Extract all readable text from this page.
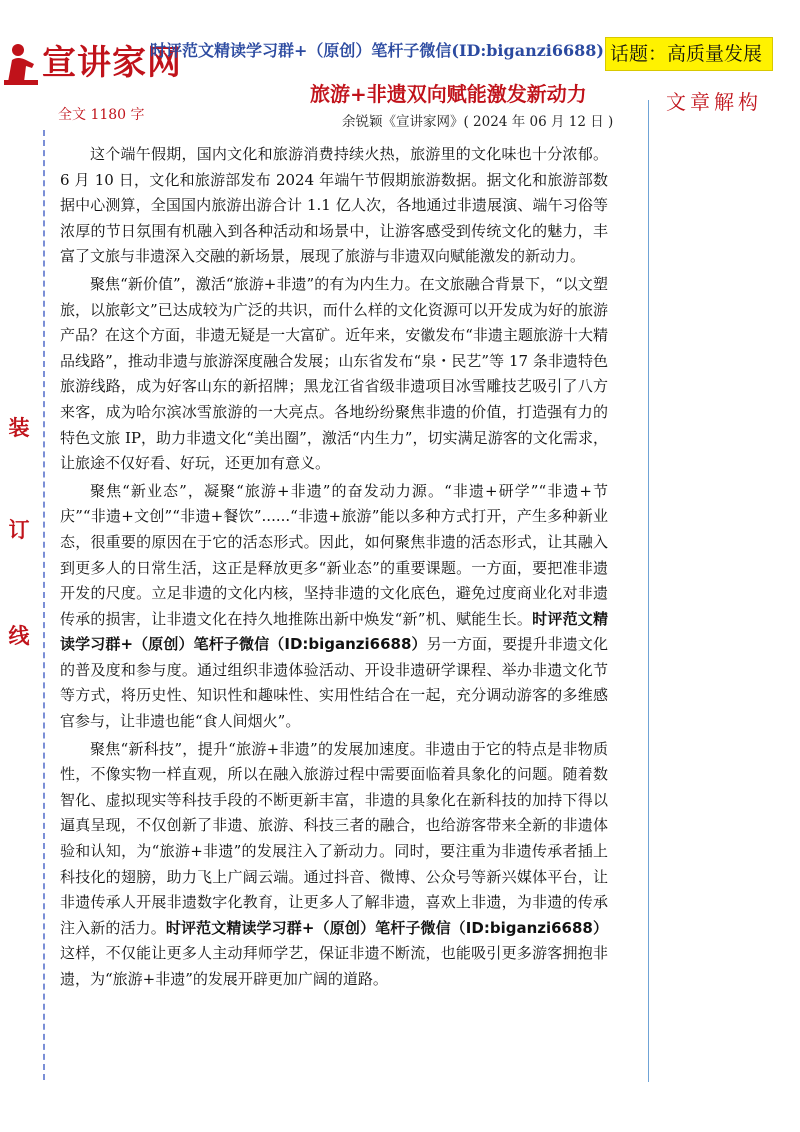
宣讲家网
时评范文精读学习群+（原创）笔杆子微信(ID:biganzi6688) 话题：高质量发展
旅游+非遗双向赋能激发新动力
余锐颖《宣讲家网》( 2024 年 06 月 12 日 )
全文 1180 字
文章解构
装
订
线

这个端午假期，国内文化和旅游消费持续火热，旅游里的文化味也十分浓郁。6 月 10 日，文化和旅游部发布 2024 年端午节假期旅游数据。据文化和旅游部数据中心测算，全国国内旅游出游合计 1.1 亿人次，各地通过非遗展演、端午习俗等浓厚的节日氛围有机融入到各种活动和场景中，让游客感受到传统文化的魅力，丰富了文旅与非遗深入交融的新场景，展现了旅游与非遗双向赋能激发的新动力。

聚焦“新价值”，激活“旅游+非遗”的有为内生力。在文旅融合背景下，“以文塑旅，以旅彰文”已达成较为广泛的共识，而什么样的文化资源可以开发成为好的旅游产品？在这个方面，非遗无疑是一大富矿。近年来，安徽发布“非遗主题旅游十大精品线路”，推动非遗与旅游深度融合发展；山东省发布“泉・民艺”等 17 条非遗特色旅游线路，成为好客山东的新招牌；黑龙江省省级非遗项目冰雪雕技艺吸引了八方来客，成为哈尔滨冰雪旅游的一大亮点。各地纷纷聚焦非遗的价值，打造强有力的特色文旅 IP，助力非遗文化“美出圈”，激活“内生力”，切实满足游客的文化需求，让旅途不仅好看、好玩，还更加有意义。

聚焦“新业态”，凝聚“旅游+非遗”的奋发动力源。“非遗+研学”“非遗+节庆”“非遗+文创”“非遗+餐饮”......“非遗+旅游”能以多种方式打开，产生多种新业态，很重要的原因在于它的活态形式。因此，如何聚焦非遗的活态形式，让其融入到更多人的日常生活，这正是释放更多“新业态”的重要课题。一方面，要把准非遗开发的尺度。立足非遗的文化内核，坚持非遗的文化底色，避免过度商业化对非遗传承的损害，让非遗文化在持久地推陈出新中焕发“新”机、赋能生长。时评范文精读学习群+（原创）笔杆子微信（ID:biganzi6688）另一方面，要提升非遗文化的普及度和参与度。通过组织非遗体验活动、开设非遗研学课程、举办非遗文化节等方式，将历史性、知识性和趣味性、实用性结合在一起，充分调动游客的多维感官参与，让非遗也能“食人间烟火”。

聚焦“新科技”，提升“旅游+非遗”的发展加速度。非遗由于它的特点是非物质性，不像实物一样直观，所以在融入旅游过程中需要面临着具象化的问题。随着数智化、虚拟现实等科技手段的不断更新丰富，非遗的具象化在新科技的加持下得以逼真呈现，不仅创新了非遗、旅游、科技三者的融合，也给游客带来全新的非遗体验和认知，为“旅游+非遗”的发展注入了新动力。同时，要注重为非遗传承者插上科技化的翅膀，助力飞上广阔云端。通过抖音、微博、公众号等新兴媒体平台，让非遗传承人开展非遗数字化教育，让更多人了解非遗，喜欢上非遗，为非遗的传承注入新的活力。时评范文精读学习群+（原创）笔杆子微信（ID:biganzi6688）这样，不仅能让更多人主动拜师学艺，保证非遗不断流，也能吸引更多游客拥抱非遗，为“旅游+非遗”的发展开辟更加广阔的道路。
